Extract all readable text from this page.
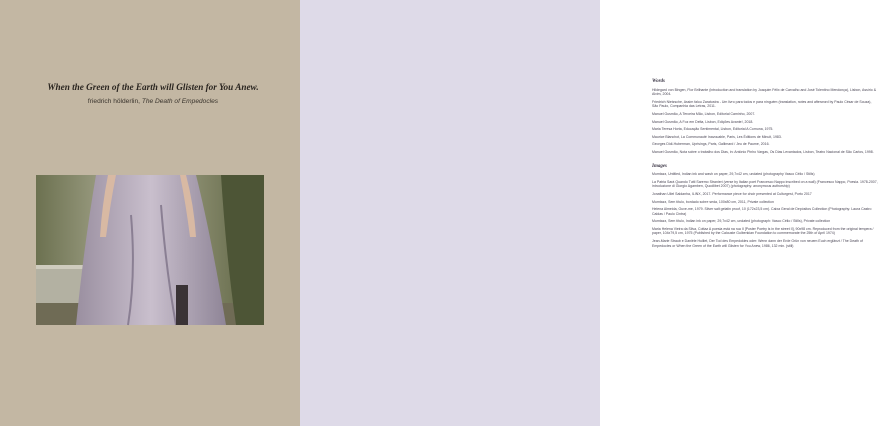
When the Green of the Earth will Glisten for You Anew.

friedrich hölderlin, The Death of Empedocles

Words

Hildegard von Bingen, Flor Brilhante (introduction and translation by Joaquim Félix de Carvalho and José Tolentino Mendonça), Lisbon, Assírio & Alvim, 2004.

Friedrich Nietzsche, Assim falou Zaratustra - Um livro para todos e para ninguém (translation, notes and afterword by Paulo César de Souza), São Paulo, Companhia das Letras, 2011.

Manuel Gusmão, A Terceira Mão, Lisbon, Editorial Caminho, 2007.

Manuel Gusmão, A Foz em Delta, Lisbon, Edições Avante!, 2018.

Maria Teresa Horta, Educação Sentimental, Lisbon, Editorial A Comuna, 1975.

Maurice Blanchot, La Communauté Inavouable, Paris, Les Éditions de Minuit, 1983.

Georges Didi-Huberman, Uprisings, Paris, Gallimard / Jeu de Paume, 2016.

Manuel Gusmão, Nota sobre o trabalho dos Dias, in: António Pinho Vargas, Os Dias Levantados, Lisbon, Teatro Nacional de São Carlos, 1998.

Images

Mumtazz, Untitled, Indian ink and wash on paper, 29,7x42 cm, undated (photography Vasco Célio / Stills)

La Patria Sarà Quando Tutti Saremo Stranieri (verse by Italian poet Francesco Nappo inscribed on a wall) (Francesco Nappo, Poesia. 1978-2007, introduzione di Giorgio Agamben, Quodlibet 2007) (photography: anonymous authorship)

Jonathan Uliel Saldanha, ILINX, 2017. Performance piece for choir presented at Culturgest, Porto 2017

Mumtazz, Sem título, bordado sobre seda, 100x80 cm, 2011, Private collection

Helena Almeida, Ouve-me, 1979. Silver salt gelatin proof, 10 (172x23,5 cm). Caixa Geral de Depósitos Collection (Photography: Laura Castro Caldas / Paulo Cintra)

Mumtazz, Sem título, Indian ink on paper, 29,7x42 cm, undated (photograph: Vasco Célio / Stills), Private collection

Maria Helena Vieira da Silva, Cottaz A poesia está na rua II [Poster Poetry is in the street II], 90x98 cm. Reproduced from the original tempera / paper, 104x79,5 cm, 1975 (Published by the Calouste Gulbenkian Foundation to commemorate the 25th of April 1974)

Jean-Marie Straub e Danièle Huillet, Der Tod des Empedokles oder: Wenn dann der Erde Grün von neuem Euch erglänzt / The Death of Empedocles or When the Green of the Earth will Glisten for You Anew, 1986, 132 min. (still)
